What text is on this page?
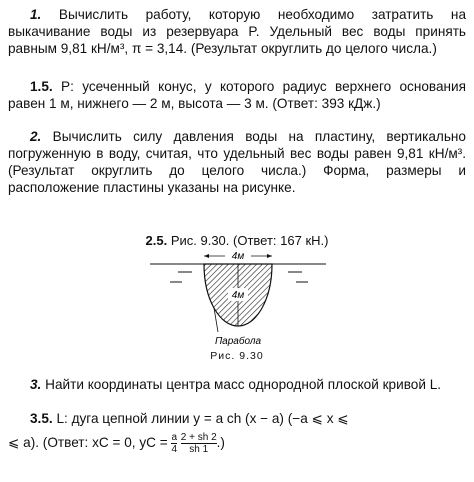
1. Вычислить работу, которую необходимо затратить на выкачивание воды из резервуара P. Удельный вес воды принять равным 9,81 кН/м³, π = 3,14. (Результат округлить до целого числа.)
1.5. P: усеченный конус, у которого радиус верхнего основания равен 1 м, нижнего — 2 м, высота — 3 м. (Ответ: 393 кДж.)
2. Вычислить силу давления воды на пластину, вертикально погруженную в воду, считая, что удельный вес воды равен 9,81 кН/м³. (Результат округлить до целого числа.) Форма, размеры и расположение пластины указаны на рисунке.
2.5. Рис. 9.30. (Ответ: 167 кН.)
4м
4м
Парабола
Рис. 9.30
3. Найти координаты центра масс однородной плоской кривой L.
3.5. L: дуга цепной линии y = a ch (x − a) (−a ⩽ x ⩽
⩽ a). (Ответ: xC = 0, yC = $\frac{a}{4}$
$\frac{2 + sh 2}{sh 1}$ .)
